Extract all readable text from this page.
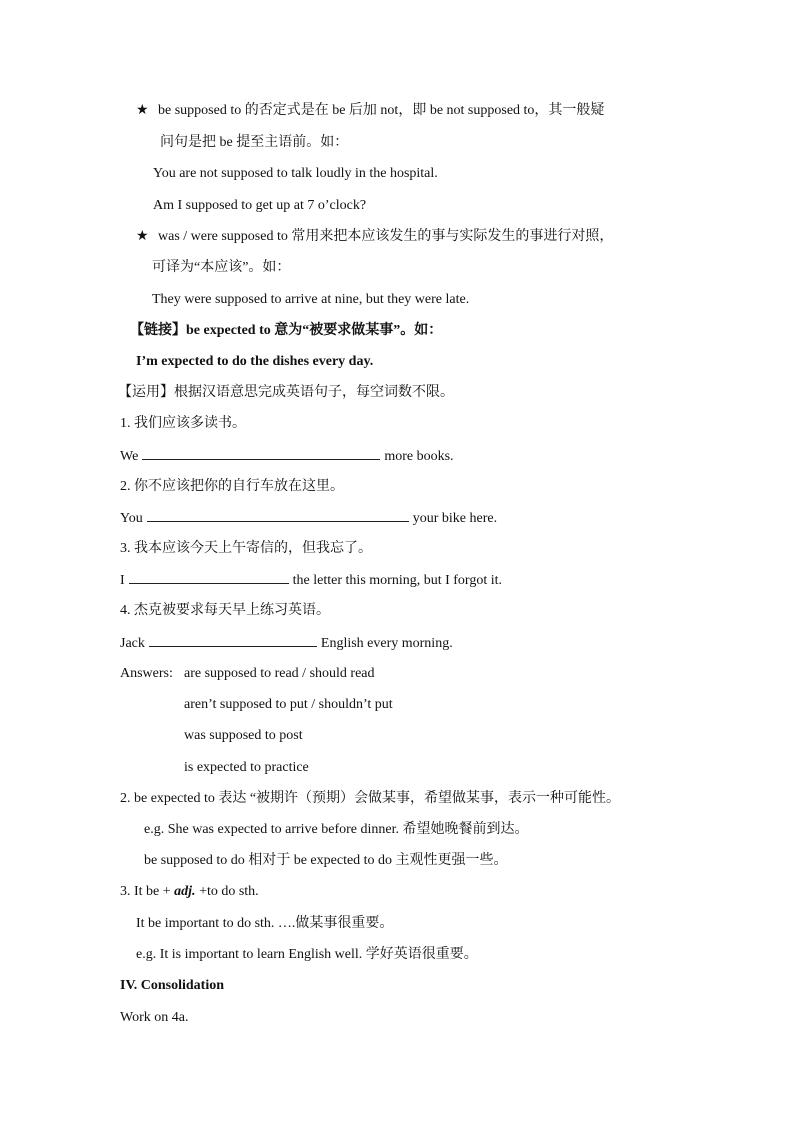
★ be supposed to 的否定式是在 be 后加 not，即 be not supposed to，其一般疑
问句是把 be 提至主语前。如：
You are not supposed to talk loudly in the hospital.
Am I supposed to get up at 7 o’clock?
★ was / were supposed to 常用来把本应该发生的事与实际发生的事进行对照，
可译为“本应该”。如：
They were supposed to arrive at nine, but they were late.
【链接】be expected to 意为“被要求做某事”。如：
I’m expected to do the dishes every day.
【运用】根据汉语意思完成英语句子，每空词数不限。
1. 我们应该多读书。
We	more books.
2. 你不应该把你的自行车放在这里。
You	your bike here.
3. 我本应该今天上午寄信的，但我忘了。
I	the letter this morning, but I forgot it.
4. 杰克被要求每天早上练习英语。
Jack	English every morning.
Answers: are supposed to read / should read
aren’t supposed to put / shouldn’t put
was supposed to post
is expected to practice
2. be expected to 表达 “被期许（预期）会做某事，希望做某事，表示一种可能性。
e.g. She was expected to arrive before dinner. 希望她晚餐前到达。
be supposed to do 相对于 be expected to do 主观性更强一些。
3. It be + adj. +to do sth.
It be important to do sth. ….做某事很重要。
e.g. It is important to learn English well. 学好英语很重要。
IV. Consolidation
Work on 4a.
